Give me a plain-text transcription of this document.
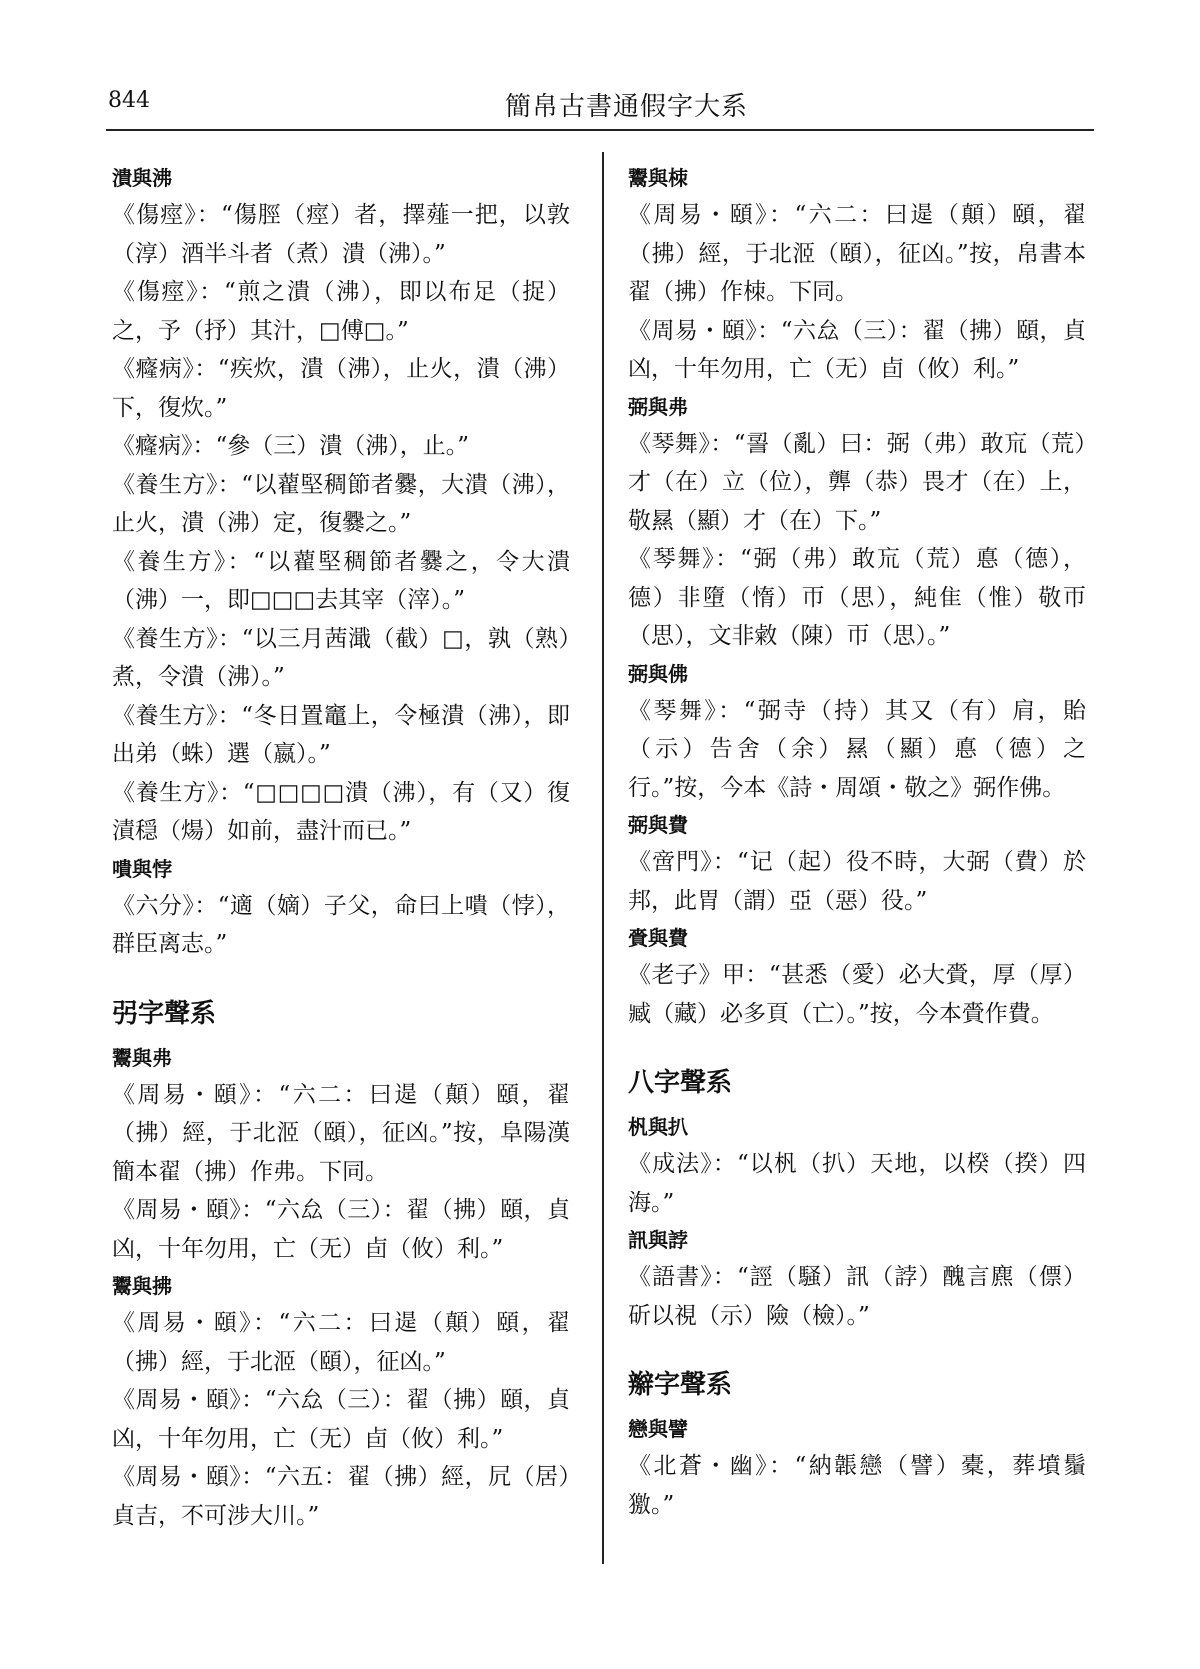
844	簡帛古書通假字大系
潰與沸
《傷痙》：“傷脛（痙）者，擇薤一把，以敦（淳）酒半斗者（煮）潰（沸）。”
《傷痙》：“煎之潰（沸），即以布足（捉）之，予（抒）其汁，□傅□。”
《癃病》：“疾炊，潰（沸），止火，潰（沸）下，復炊。”
《癃病》：“參（三）潰（沸），止。”
《養生方》：“以藋堅稠節者爨，大潰（沸），止火，潰（沸）定，復爨之。”
《養生方》：“以藋堅稠節者爨之，令大潰（沸）一，即□□□去其宰（滓）。”
《養生方》：“以三月茜濈（截）□，孰（熟）煮，令潰（沸）。”
《養生方》：“冬日置竈上，令極潰（沸），即出弟（蛛）選（嬴）。”
《養生方》：“□□□□潰（沸），有（又）復漬穏（煬）如前，盡汁而已。”
嘳與悖
《六分》：“適（嫡）子父，命曰上嘳（悖），群臣离志。”
弜字聲系
鬻與弗
《周易・頤》：“六二：曰遈（顛）頤，翟（拂）經，于北洍（頤），征凶。”按，阜陽漢簡本翟（拂）作弗。下同。
《周易・頤》：“六厽（三）：翟（拂）頤，貞凶，十年勿用，亡（无）卣（攸）利。”
鬻與拂
《周易・頤》：“六二：曰遈（顛）頤，翟（拂）經，于北洍（頤），征凶。”
《周易・頤》：“六厽（三）：翟（拂）頤，貞凶，十年勿用，亡（无）卣（攸）利。”
《周易・頤》：“六五：翟（拂）經，凥（居）貞吉，不可涉大川。”
鬻與栜
《周易・頤》：“六二：曰遈（顛）頤，翟（拂）經，于北洍（頤），征凶。”按，帛書本翟（拂）作栜。下同。
《周易・頤》：“六厽（三）：翟（拂）頤，貞凶，十年勿用，亡（无）卣（攸）利。”
弼與弗
《琴舞》：“䛐（亂）曰：弼（弗）敢巟（荒）才（在）立（位），龏（恭）畏才（在）上，敬㬎（顯）才（在）下。”
《琴舞》：“弼（弗）敢巟（荒）悳（德），德）非墮（惰）帀（思），純隹（惟）敬帀（思），文非敹（陳）帀（思）。”
弼與佛
《琴舞》：“弼寺（持）其又（有）肩，貽（示）告舍（余）㬎（顯）悳（德）之行。”按，今本《詩・周頌・敬之》弼作佛。
弼與費
《啻門》：“记（起）役不時，大弼（費）於邦，此胃（謂）亞（惡）役。”
賫與費
《老子》甲：“甚悉（愛）必大賫，厚（厚）臧（藏）必多頁（亡）。”按，今本賫作費。
八字聲系
杋與扒
《成法》：“以杋（扒）天地，以楑（揆）四海。”
訊與誖
《語書》：“誙（騒）訊（誖）醜言麃（僄）斫以視（示）險（檢）。”
辮字聲系
戀與譬
《北蒼・幽》：“納韔戀（譬）橐，葬墳鬚獥。”
